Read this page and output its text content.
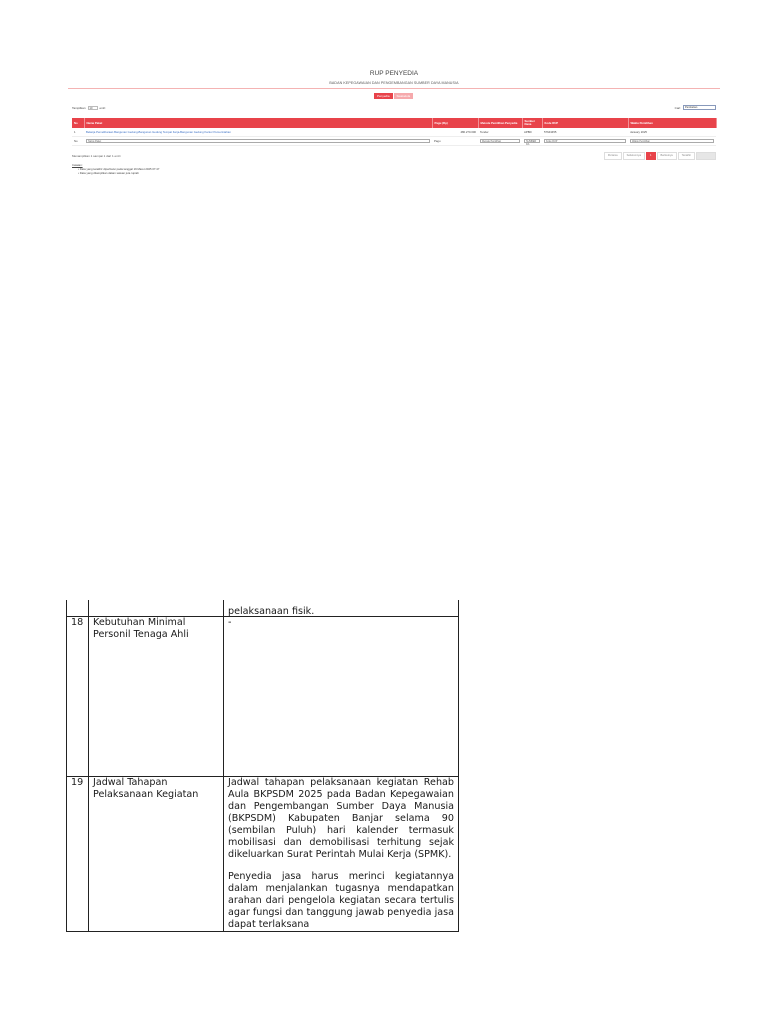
RUP PENYEDIA
BADAN KEPEGAWAIAN DAN PENGEMBANGAN SUMBER DAYA MANUSIA
Penyedia	Swakelola
Tampilkan	10	entri	Cari:	Pembelian
No	Nama Paket	Pagu (Rp)	Metode Pemilihan Penyedia	Sumber Dana	Kode RUP	Waktu Pemilihan
1	Belanja Pemeliharaan Bangunan Gedung-Bangunan Gedung Tempat Kerja-Bangunan Gedung Kantor Pemerintahan	480.270.000	Tender	APBD	57643455	January 2025
No	Nama Paket	Pagu	Metode Pemilihan	SUMBER DA	Kode RUP	Waktu Pemilihan
Menampilkan 1 sampai 1 dari 1 entri	Pertama	Sebelumnya	1	Berikutnya	Terakhir
Catatan:
• Data yang terakhir diperbarui pada tanggal 19 Maret 2025 07:47
• Data yang ditampilkan dalam satuan juta rupiah
		pelaksanaan fisik.
18	Kebutuhan Minimal Personil Tenaga Ahli	-
19	Jadwal Tahapan Pelaksanaan Kegiatan	Jadwal tahapan pelaksanaan kegiatan Rehab Aula BKPSDM 2025 pada Badan Kepegawaian dan Pengembangan Sumber Daya Manusia (BKPSDM) Kabupaten Banjar selama 90 (sembilan Puluh) hari kalender termasuk mobilisasi dan demobilisasi terhitung sejak dikeluarkan Surat Perintah Mulai Kerja (SPMK).
Penyedia jasa harus merinci kegiatannya dalam menjalankan tugasnya mendapatkan arahan dari pengelola kegiatan secara tertulis agar fungsi dan tanggung jawab penyedia jasa dapat terlaksana
